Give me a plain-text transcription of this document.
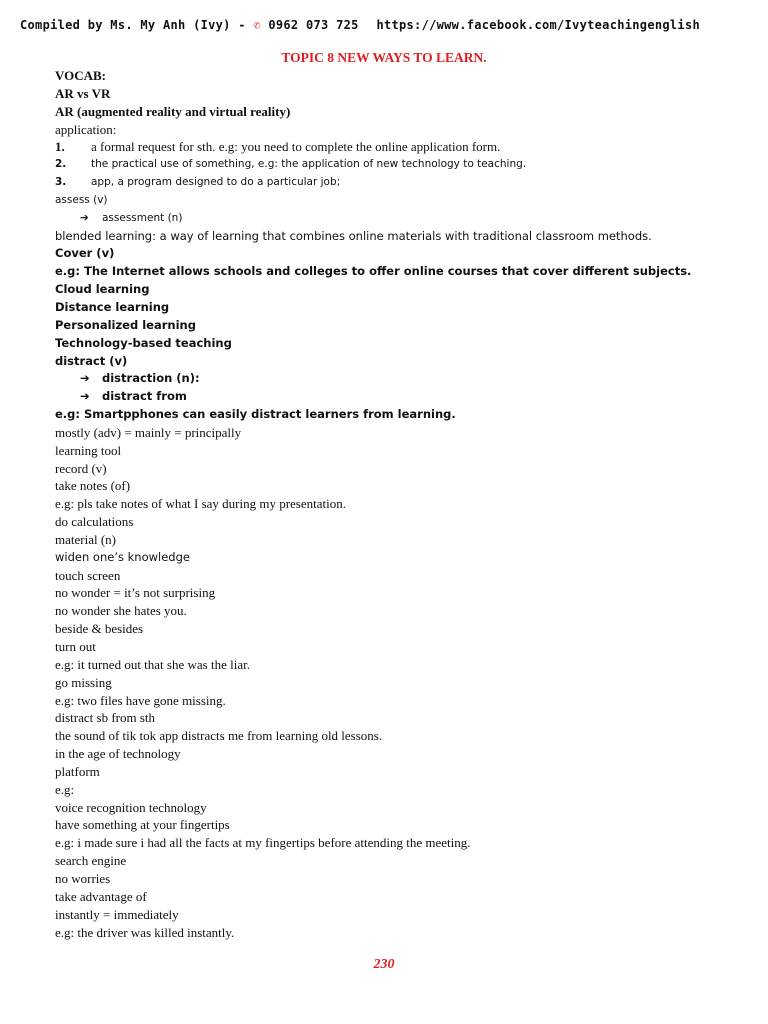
Compiled by Ms. My Anh (Ivy) - ✆ 0962 073 725 https://www.facebook.com/Ivyteachingenglish
TOPIC 8 NEW WAYS TO LEARN.
VOCAB:
AR vs VR
AR (augmented reality and virtual reality)
application:
1. a formal request for sth. e.g: you need to complete the online application form.
2. the practical use of something, e.g: the application of new technology to teaching.
3. app, a program designed to do a particular job;
assess (v)
➔ assessment (n)
blended learning: a way of learning that combines online materials with traditional classroom methods.
Cover (v)
e.g: The Internet allows schools and colleges to offer online courses that cover different subjects.
Cloud learning
Distance learning
Personalized learning
Technology-based teaching
distract (v)
➔ distraction (n):
➔ distract from
e.g: Smartpphones can easily distract learners from learning.
mostly (adv) = mainly = principally
learning tool
record (v)
take notes (of)
e.g: pls take notes of what I say during my presentation.
do calculations
material (n)
widen one’s knowledge
touch screen
no wonder = it’s not surprising
no wonder she hates you.
beside & besides
turn out
e.g: it turned out that she was the liar.
go missing
e.g: two files have gone missing.
distract sb from sth
the sound of tik tok app distracts me from learning old lessons.
in the age of technology
platform
e.g:
voice recognition technology
have something at your fingertips
e.g: i made sure i had all the facts at my fingertips before attending the meeting.
search engine
no worries
take advantage of
instantly = immediately
e.g: the driver was killed instantly.
230
